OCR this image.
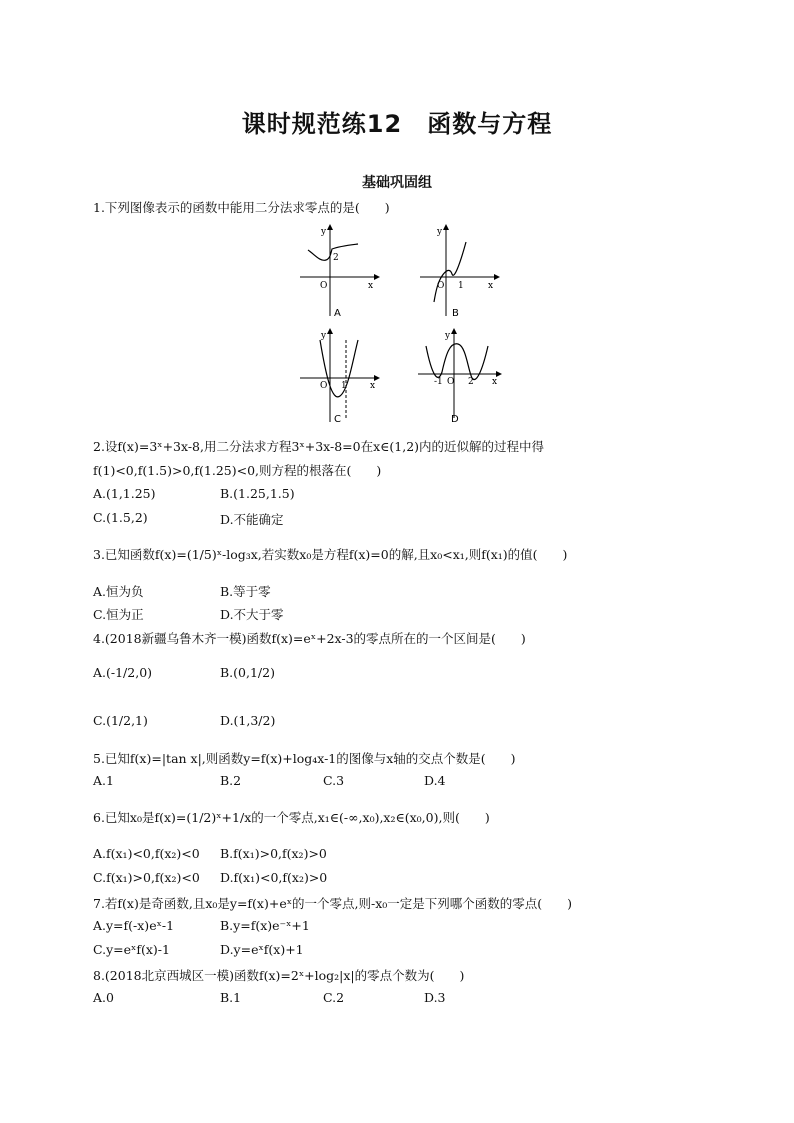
课时规范练12　函数与方程
基础巩固组
1.下列图像表示的函数中能用二分法求零点的是(　　)
y
x
O
2
A
y
x
O 1
B
y
x
O 1
C
y
x
-1 O 2
D
2.设f(x)=3ˣ+3x-8,用二分法求方程3ˣ+3x-8=0在x∈(1,2)内的近似解的过程中得
f(1)<0,f(1.5)>0,f(1.25)<0,则方程的根落在(　　)
A.(1,1.25)	B.(1.25,1.5)
C.(1.5,2)	D.不能确定
3.已知函数f(x)=(1/5)ˣ-log₃x,若实数x₀是方程f(x)=0的解,且x₀<x₁,则f(x₁)的值(　　)
A.恒为负	B.等于零
C.恒为正	D.不大于零
4.(2018新疆乌鲁木齐一模)函数f(x)=eˣ+2x-3的零点所在的一个区间是(　　)
A.(-1/2,0)	B.(0,1/2)
C.(1/2,1)	D.(1,3/2)
5.已知f(x)=|tan x|,则函数y=f(x)+log₄x-1的图像与x轴的交点个数是(　　)
A.1	B.2	C.3	D.4
6.已知x₀是f(x)=(1/2)ˣ+1/x的一个零点,x₁∈(-∞,x₀),x₂∈(x₀,0),则(　　)
A.f(x₁)<0,f(x₂)<0 B.f(x₁)>0,f(x₂)>0
C.f(x₁)>0,f(x₂)<0 D.f(x₁)<0,f(x₂)>0
7.若f(x)是奇函数,且x₀是y=f(x)+eˣ的一个零点,则-x₀一定是下列哪个函数的零点(　　)
A.y=f(-x)eˣ-1	B.y=f(x)e⁻ˣ+1
C.y=eˣf(x)-1	D.y=eˣf(x)+1
8.(2018北京西城区一模)函数f(x)=2ˣ+log₂|x|的零点个数为(　　)
A.0	B.1	C.2	D.3
